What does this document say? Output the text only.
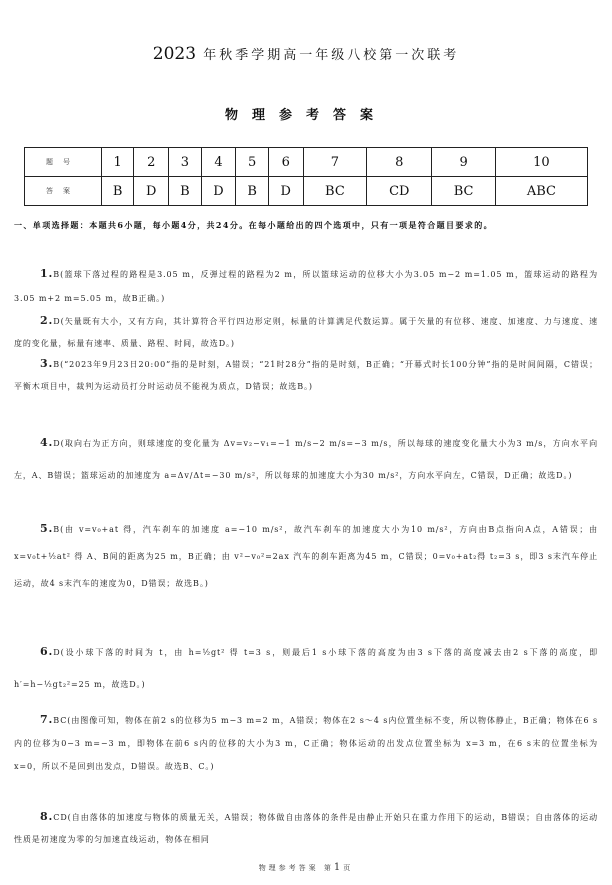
2023 年秋季学期高一年级八校第一次联考
物理参考答案
题号	1	2	3	4	5	6	7	8	9	10
答案	B	D	B	D	B	D	BC	CD	BC	ABC
一、单项选择题：本题共6小题，每小题4分，共24分。在每小题给出的四个选项中，只有一项是符合题目要求的。
1.B(篮球下落过程的路程是3.05 m，反弹过程的路程为2 m，所以篮球运动的位移大小为3.05 m−2 m=1.05 m，篮球运动的路程为3.05 m+2 m=5.05 m，故B正确。)
2.D(矢量既有大小，又有方向，其计算符合平行四边形定则，标量的计算满足代数运算。属于矢量的有位移、速度、加速度、力与速度、速度的变化量，标量有速率、质量、路程、时间，故选D。)
3.B(“2023年9月23日20:00”指的是时刻，A错误；“21时28分”指的是时刻，B正确；“开幕式时长100分钟”指的是时间间隔，C错误；平衡木项目中，裁判为运动员打分时运动员不能视为质点，D错误；故选B。)
4.D(取向右为正方向，则球速度的变化量为 Δv=v₂−v₁=−1 m/s−2 m/s=−3 m/s，所以每球的速度变化量大小为3 m/s，方向水平向左，A、B错误；篮球运动的加速度为 a=Δv/Δt=−30 m/s²，所以每球的加速度大小为30 m/s²，方向水平向左，C错误，D正确；故选D。)
5.B(由 v=v₀+at 得，汽车刹车的加速度 a=−10 m/s²，故汽车刹车的加速度大小为10 m/s²，方向由B点指向A点，A错误；由 x=v₀t+½at² 得 A、B间的距离为25 m，B正确；由 v²−v₀²=2ax 汽车的刹车距离为45 m，C错误；0=v₀+at₂得 t₂=3 s，即3 s末汽车停止运动，故4 s末汽车的速度为0，D错误；故选B。)
6.D(设小球下落的时间为 t，由 h=½gt² 得 t=3 s，则最后1 s小球下落的高度为由3 s下落的高度减去由2 s下落的高度，即 h′=h−½gt₂²=25 m，故选D。)
7.BC(由图像可知，物体在前2 s的位移为5 m−3 m=2 m，A错误；物体在2 s～4 s内位置坐标不变，所以物体静止，B正确；物体在6 s内的位移为0−3 m=−3 m，即物体在前6 s内的位移的大小为3 m，C正确；物体运动的出发点位置坐标为 x=3 m，在6 s末的位置坐标为 x=0，所以不是回到出发点，D错误。故选B、C。)
8.CD(自由落体的加速度与物体的质量无关，A错误；物体做自由落体的条件是由静止开始只在重力作用下的运动，B错误；自由落体的运动性质是初速度为零的匀加速直线运动，物体在相同
物理参考答案 第1页
